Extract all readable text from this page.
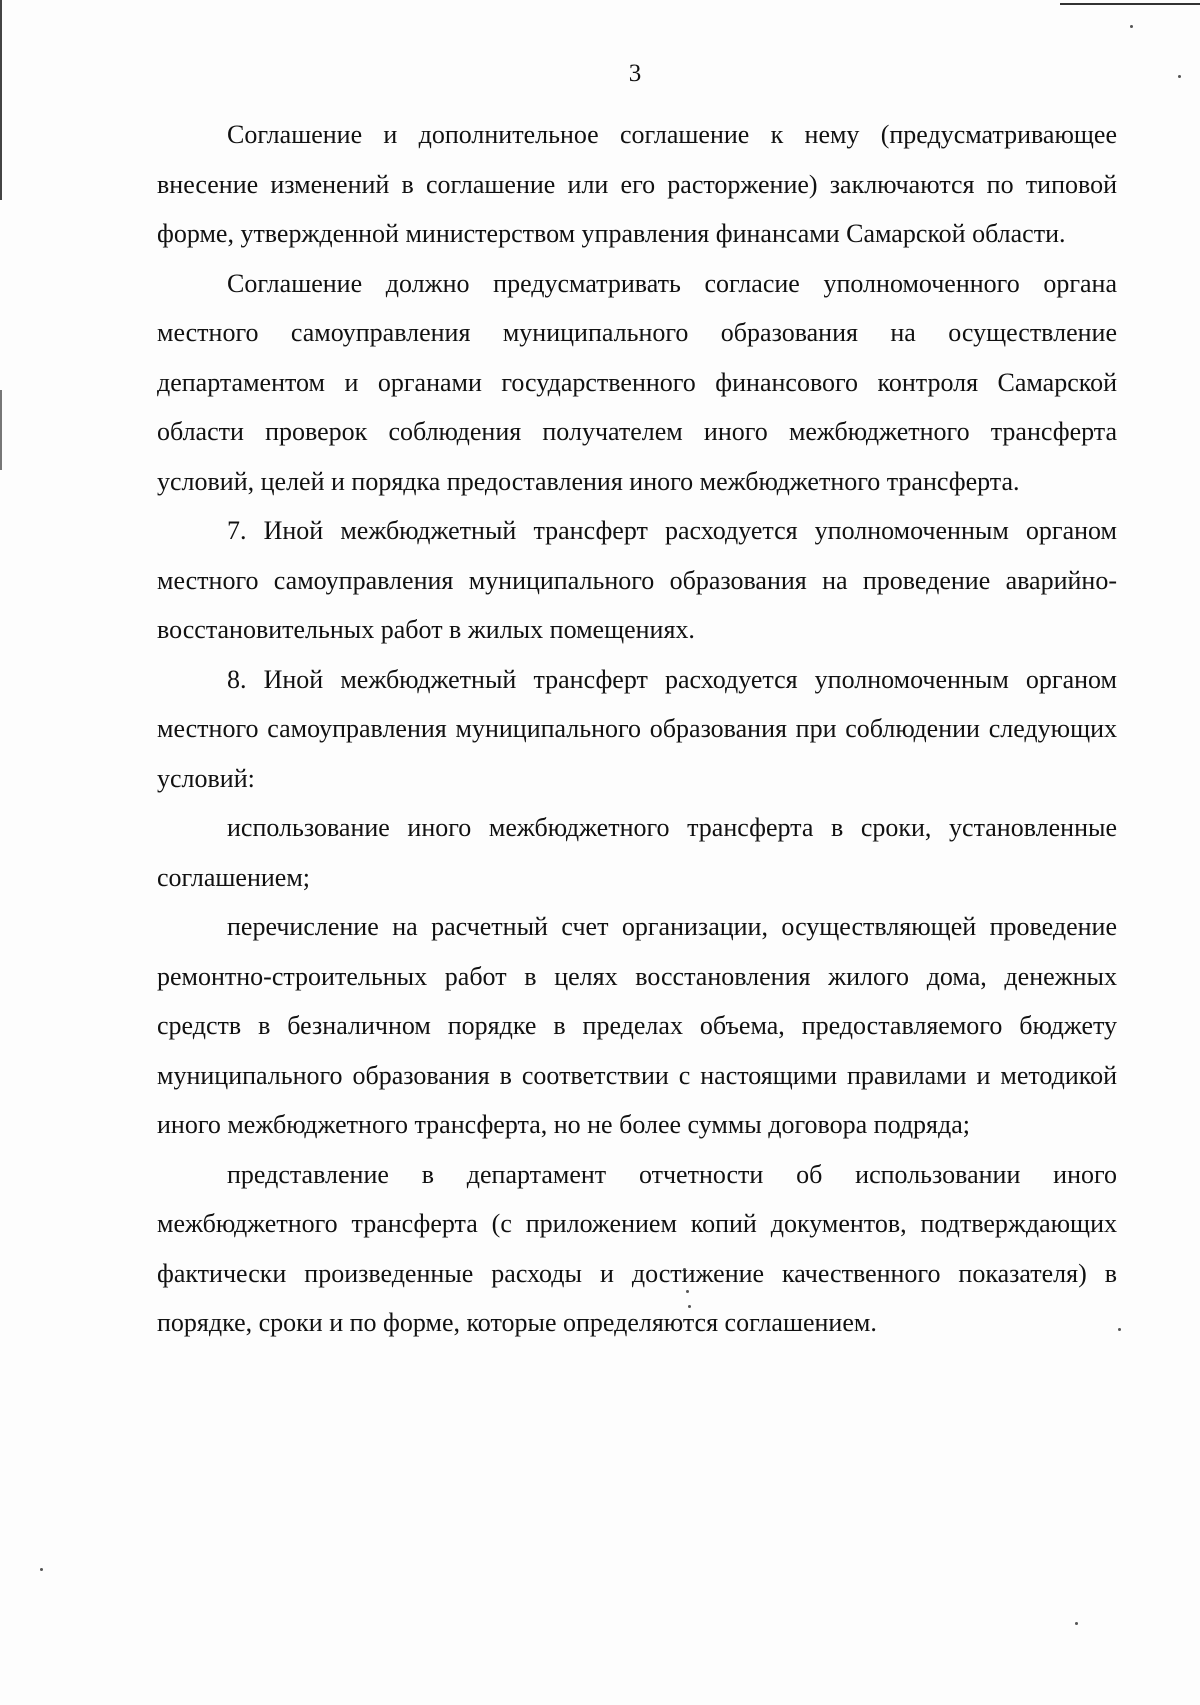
3

Соглашение и дополнительное соглашение к нему (предусматривающее внесение изменений в соглашение или его расторжение) заключаются по типовой форме, утвержденной министерством управления финансами Самарской области.

Соглашение должно предусматривать согласие уполномоченного органа местного самоуправления муниципального образования на осуществление департаментом и органами государственного финансового контроля Самарской области проверок соблюдения получателем иного межбюджетного трансферта условий, целей и порядка предоставления иного межбюджетного трансферта.

7. Иной межбюджетный трансферт расходуется уполномоченным органом местного самоуправления муниципального образования на проведение аварийно-восстановительных работ в жилых помещениях.

8. Иной межбюджетный трансферт расходуется уполномоченным органом местного самоуправления муниципального образования при соблюдении следующих условий:

использование иного межбюджетного трансферта в сроки, установленные соглашением;

перечисление на расчетный счет организации, осуществляющей проведение ремонтно-строительных работ в целях восстановления жилого дома, денежных средств в безналичном порядке в пределах объема, предоставляемого бюджету муниципального образования в соответствии с настоящими правилами и методикой иного межбюджетного трансферта, но не более суммы договора подряда;

представление в департамент отчетности об использовании иного межбюджетного трансферта (с приложением копий документов, подтверждающих фактически произведенные расходы и достижение качественного показателя) в порядке, сроки и по форме, которые определяются соглашением.
